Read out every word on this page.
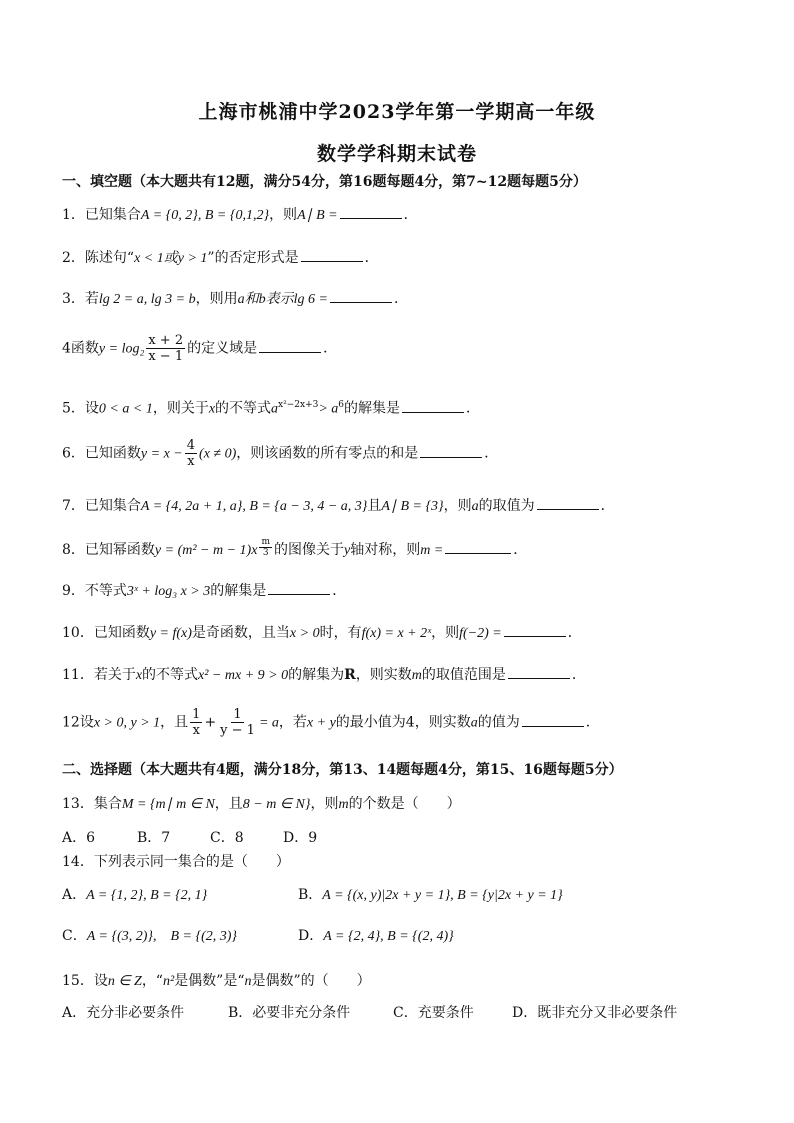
上海市桃浦中学2023学年第一学期高一年级
数学学科期末试卷
一、填空题（本大题共有12题，满分54分，第16题每题4分，第7~12题每题5分）
1．已知集合A = {0, 2}, B = {0,1,2}，则A∣ B =	．
2．陈述句“x < 1或y > 1”的否定形式是	．
3．若lg 2 = a, lg 3 = b，则用a和b表示lg 6 =	．
4函数$y = \log_2 \frac{x + 2}{x - 1}$ 的定义域是	．
5．设0 < a < 1，则关于x的不等式$a^{x^2-2x+3}> a^6$的解集是	．
6．已知函数$y = x - \frac{4}{x} (x \ne 0)$，则该函数的所有零点的和是	．
7．已知集合A = {4, 2a + 1, a}, B = {a − 3, 4 − a, 3}且A∣ B = {3}，则a的取值为	．
8．已知幂函数$y = (m^2 - m - 1)x \frac{m}{3}$ 的图像关于y轴对称，则m =	．
9．不等式3ˣ + log₃ x > 3的解集是	．
10．已知函数y = f(x)是奇函数，且当x > 0时，有f(x) = x + 2ˣ，则f(−2) =	．
11．若关于x的不等式x² − mx + 9 > 0的解集为R，则实数m的取值范围是	．
12设x > 0, y > 1，且 $\frac{1}{x} + \frac{1}{y - 1} = a$，若x + y的最小值为4，则实数a的值为	．
二、选择题（本大题共有4题，满分18分，第13、14题每题4分，第15、16题每题5分）
13．集合M = {m∣ m ∈ N，且8 − m ∈ N}，则m的个数是（　　）
A．6	B．7	C．8	D．9
14．下列表示同一集合的是（　　）
A．A = {1, 2}, B = {2, 1}	B．A = {(x, y)|2x + y = 1}, B = {y|2x + y = 1}
C．A = {(3, 2)},　B = {(2, 3)}	D．A = {2, 4}, B = {(2, 4)}
15．设n ∈ Z，“n²是偶数”是“n是偶数”的（　　）
A．充分非必要条件	B．必要非充分条件	C．充要条件	D．既非充分又非必要条件
